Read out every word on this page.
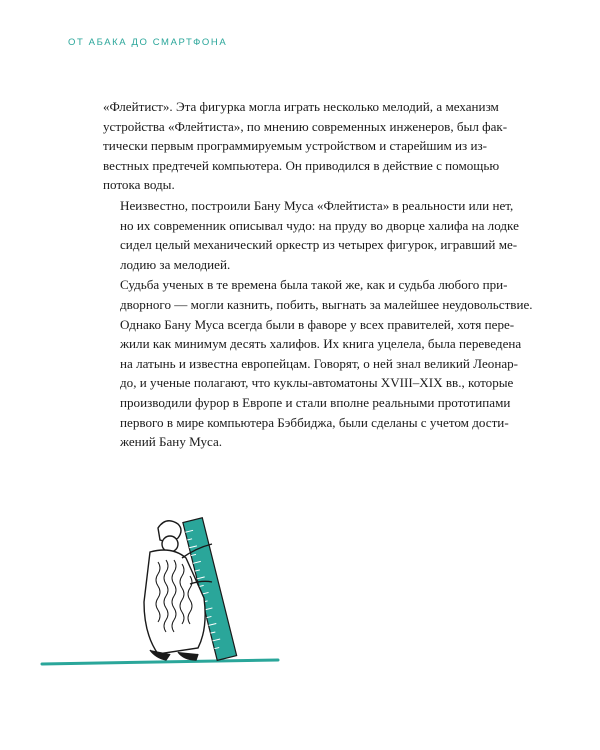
ОТ АБАКА ДО СМАРТФОНА

«Флейтист». Эта фигурка могла играть несколько мелодий, а механизм
устройства «Флейтиста», по мнению современных инженеров, был фак-
тически первым программируемым устройством и старейшим из из-
вестных предтечей компьютера. Он приводился в действие с помощью
потока воды.

Неизвестно, построили Бану Муса «Флейтиста» в реальности или нет,
но их современник описывал чудо: на пруду во дворце халифа на лодке
сидел целый механический оркестр из четырех фигурок, игравший ме-
лодию за мелодией.

Судьба ученых в те времена была такой же, как и судьба любого при-
дворного — могли казнить, побить, выгнать за малейшее неудовольствие.
Однако Бану Муса всегда были в фаворе у всех правителей, хотя пере-
жили как минимум десять халифов. Их книга уцелела, была переведена
на латынь и известна европейцам. Говорят, о ней знал великий Леонар-
до, и ученые полагают, что куклы-автоматоны XVIII–XIX вв., которые
производили фурор в Европе и стали вполне реальными прототипами
первого в мире компьютера Бэббиджа, были сделаны с учетом дости-
жений Бану Муса.
